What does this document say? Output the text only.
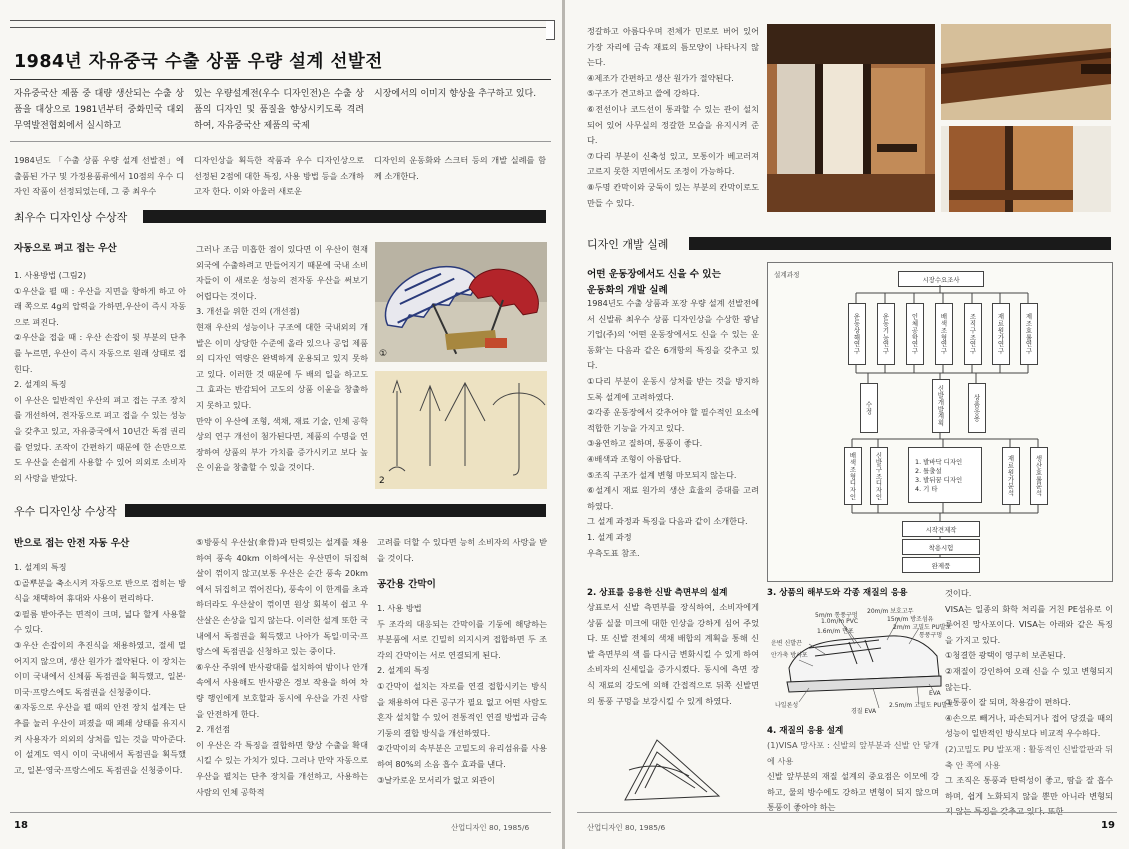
1984년 자유중국 수출 상품 우량 설계 선발전
자유중국산 제품 중 대량 생산되는 수출 상품을 대상으로 1981년부터 중화민국 대외무역발전협회에서 실시하고
있는 우량설계전(우수 디자인전)은 수출 상품의 디자인 및 품질을 향상시키도록 격려하여, 자유중국산 제품의 국제
시장에서의 이미지 향상을 추구하고 있다.
1984년도 「수출 상품 우량 설계 선발전」에 출품된 가구 및 가정용품류에서 10점의 우수 디자인 작품이 선정되었는데, 그 중 최우수
디자인상을 획득한 작품과 우수 디자인상으로 선정된 2점에 대한 특징, 사용 방법 등을 소개하고자 한다. 이와 아울러 새로운
디자인의 운동화와 스크터 등의 개발 실례를 함께 소개한다.
최우수 디자인상 수상작
자동으로 펴고 접는 우산

1. 사용방법 (그림2)

①우산을 펼 때 : 우산을 지면을 향하게 하고 아래 쪽으로 4g의 압력을 가하면,우산이 즉시 자동으로 펴진다.

②우산을 접을 때 : 우산 손잡이 뒷 부분의 단추를 누르면, 우산이 즉시 자동으로 원래 상태로 접힌다.

2. 설계의 특징

이 우산은 일반적인 우산의 펴고 접는 구조 장치를 개선하여, 전자동으로 펴고 접을 수 있는 성능을 갖추고 있고, 자유중국에서 10년간 독점 권리를 얻었다. 조작이 간편하기 때문에 한 손만으로도 우산을 손쉽게 사용할 수 있어 의외로 소비자의 사랑을 받았다.

그러나 조금 미흡한 점이 있다면 이 우산이 현재 외국에 수출하려고 만들어지기 때문에 국내 소비자들이 이 새로운 성능의 전자동 우산을 써보기 어렵다는 것이다.

3. 개선을 위한 건의 (개선점)

현재 우산의 성능이나 구조에 대한 국내외의 개발은 이미 상당한 수준에 올라 있으나 공업 제품의 디자인 역량은 완벽하게 운용되고 있지 못하고 있다. 이러한 것 때문에 두 배의 일을 하고도 그 효과는 반감되어 고도의 상품 이윤을 창출하지 못하고 있다.

만약 이 우산에 조형, 색채, 재료 기술, 인체 공학상의 연구 개선이 첨가된다면, 제품의 수명을 연장하여 상품의 부가 가치를 증가시키고 보다 높은 이윤을 창출할 수 있을 것이다.

①
2
우수 디자인상 수상작
반으로 접는 안전 자동 우산

1. 설계의 특징

①골뿌분을 축소시켜 자동으로 반으로 접히는 방식을 채택하여 휴대와 사용이 편리하다.

②필름 받아주는 면적이 크며, 넓다 할게 사용할 수 있다.

③우산 손잡이의 추진식을 채용하였고, 절세 멀어지지 않으며, 생산 원가가 절약된다. 이 장치는 이미 국내에서 신체품 독점권을 획득했고, 일본·미국·프랑스에도 독점권을 신청중이다.

④자동으로 우산을 펼 때의 안전 장치 설계는 단추를 눌러 우산이 펴졌을 때 폐쇄 상태를 유지시켜 사용자가 의외의 상처를 입는 것을 막아준다. 이 설계도 역시 이미 국내에서 독점권을 획득했고, 일본·영국·프랑스에도 독점권을 신청중이다.

⑤방풍식 우산살(傘骨)과 탄력있는 설계를 채용하여 풍속 40km 이하에서는 우산면이 뒤집혀 살이 꺾이지 않고(보통 우산은 순간 풍속 20km에서 뒤집히고 꺾어진다), 풍속이 이 한계를 초과하더라도 우산살이 꺾이면 원상 회복이 쉽고 우산살은 손상을 입지 않는다. 이러한 설계 또한 국내에서 독점권을 획득했고 나아가 독일·미국·프랑스에 독점권을 신청하고 있는 중이다.

⑥우산 주위에 반사광대를 설치하여 밤이나 안개 속에서 사용해도 반사광은 경보 작용을 하여 차량 행인에게 보호할과 동시에 우산을 가진 사람을 안전하게 한다.

2. 개선점

이 우산은 각 특징을 결합하면 향상 수출을 확대시킬 수 있는 가치가 있다. 그러나 만약 자동으로 우산을 펼치는 단추 장치를 개선하고, 사용하는 사람의 인체 공학적

고려를 더할 수 있다면 능히 소비자의 사랑을 받을 것이다.

공간용 간막이

1. 사용 방법

두 조각의 대응되는 간막이를 기둥에 해당하는 부분품에 서로 긴밀히 의지시켜 접합하면 두 조각의 간막이는 서로 연결되게 된다.

2. 설계의 특징

①간막이 설치는 자로를 연결 접합시키는 방식을 채용하여 다른 공구가 필요 없고 어떤 사람도 혼자 설치할 수 있어 전통적인 연결 방법과 금속기둥의 결합 방식을 개선하였다.

②간막이의 속부분은 고밀도의 유리섬유를 사용하여 80%의 소음 흡수 효과를 낸다.

③날카로운 모서리가 없고 외관이

18	산업디자인 80, 1985/6

정갈하고 아름다우며 전체가 민로로 버어 있어 가장 자리에 금속 재료의 틈모양이 나타나지 않는다.

④제조가 간편하고 생산 원가가 절약된다.

⑤구조가 견고하고 쓸에 강하다.

⑥전선이나 코드선이 통과할 수 있는 관이 설치되어 있어 사무실의 정갈한 모습을 유지시켜 준다.

⑦다리 부분이 신축성 있고, 모통이가 베고러져 고르지 못한 지면에서도 조정이 가능하다.

⑧두명 칸막이와 궁둑이 있는 부분의 칸막이로도 만들 수 있다.

디자인 개발 실례
어떤 운동장에서도 신을 수 있는
운동화의 개발 실례

1984년도 수출 상품과 포장 우량 설계 선발전에서 신발류 최우수 상품 디자인상을 수상한 광남기업(주)의 '어떤 운동장에서도 신을 수 있는 운동화'는 다음과 같은 6개항의 특징을 갖추고 있다.

①다리 부분이 운동시 상처를 받는 것을 방지하도록 설계에 고려하였다.

②각종 운동장에서 갖추어야 할 필수적인 요소에 적합한 기능을 가지고 있다.

③융연하고 질하며, 통풍이 좋다.

④배색과 조형이 아름답다.

⑤조직 구조가 설계 변형 마모되지 않는다.

⑥설계시 재료 원가의 생산 효율의 증대를 고려하였다.

그 설계 과정과 특징을 다음과 같이 소개한다.

1. 설계 과정

우측도표 참조.

설계과정
시장수요조사
운동상해연구	운동기능연구	인체공학연구	배색조형연구	조직구조연구	재료원가연구	제조효률연구
수정	신발개발계획	상품응용
배색조형디자인	신발구조디자인	1. 발바닥 디자인
2. 틀출설
3. 발뒤꿈 디자인
4. 기 타	재료원가분석	생산효률분석
시작견제작
착용시험
완제품
2. 상표를 응용한 신발 측면부의 설계
상표로서 신발 측면부를 장식하여, 소비자에게 상품 실물 미크에 대한 인상을 강하게 심어 주었다. 또 신발 전체의 색채 배합의 계획을 통해 신발 측면부의 색 틀 다시금 변화시킬 수 있게 하여 소비자의 신세일을 증가시켰다. 동시에 측면 장식 재료의 강도에 의해 간접적으로 뒤쪽 신발면의 통풍 구멍을 보강시킬 수 있게 하였다.
3. 상품의 해부도와 각종 재질의 응용
5m/m 통풍구멍
1.0m/m PVC
1.6m/m 면포
20m/m 보호고무
15m/m 방조섬유
2m/m 고밀도 PU발포
통풍구멍
운변 신발끈
안가축 방사포
나일론성
경질 EVA
2.5m/m 고밀도 PU발포
EVA
4. 재질의 응용 설계

(1)VISA 망사포 : 신발의 앞부분과 신발 안 닿개에 사용

신발 앞부분의 재질 설계의 중요점은 이모에 강하고, 물의 방수에도 강하고 변형이 되지 않으며 통풍이 좋아야 하는

것이다.

VISA는 일종의 화학 처리를 거친 PE섬유로 이루어진 망사포이다. VISA는 아래와 같은 특징을 가지고 있다.

①청결한 광택이 영구히 보존된다.

②재질이 강인하여 오래 신을 수 있고 변형되지 않는다.

③통풍이 잘 되며, 착용감이 편하다.

④손으로 빼거나, 파손되거나 접어 당겼을 때의 성능이 일반적인 방식보다 비교적 우수하다.

(2)고밀도 PU 발포재 : 활동적인 신발깔판과 뒤축 안 쪽에 사용

그 조직은 통풍과 탄력성이 좋고, 땀을 잘 흡수하며, 쉽게 노화되지 않을 뿐만 아니라 변형되

산업디자인 80, 1985/6	19
